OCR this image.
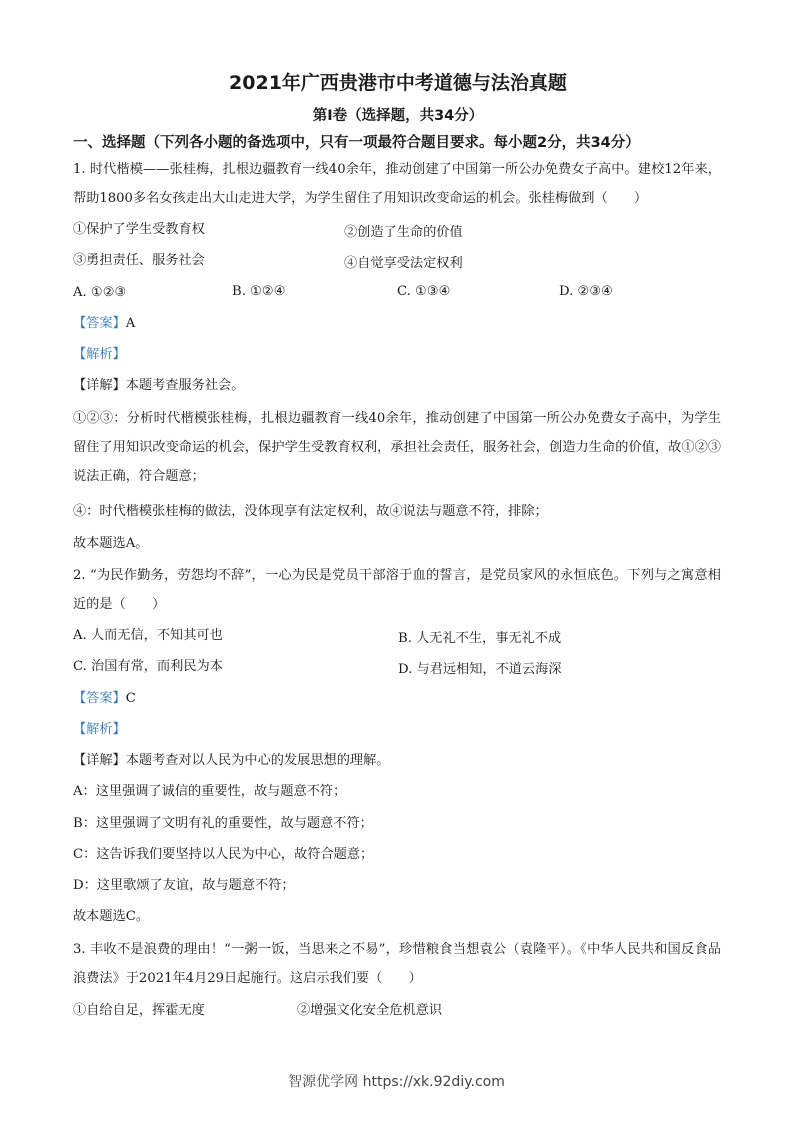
2021年广西贵港市中考道德与法治真题
第Ⅰ卷（选择题，共34分）
一、选择题（下列各小题的备选项中，只有一项最符合题目要求。每小题2分，共34分）
1. 时代楷模——张桂梅，扎根边疆教育一线40余年，推动创建了中国第一所公办免费女子高中。建校12年来，帮助1800多名女孩走出大山走进大学，为学生留住了用知识改变命运的机会。张桂梅做到（　　）
①保护了学生受教育权	②创造了生命的价值
③勇担责任、服务社会	④自觉享受法定权利
A. ①②③	B. ①②④	C. ①③④	D. ②③④
【答案】A
【解析】
【详解】本题考查服务社会。
①②③：分析时代楷模张桂梅，扎根边疆教育一线40余年，推动创建了中国第一所公办免费女子高中，为学生留住了用知识改变命运的机会，保护学生受教育权利，承担社会责任，服务社会，创造力生命的价值，故①②③说法正确，符合题意；
④：时代楷模张桂梅的做法，没体现享有法定权利，故④说法与题意不符，排除；
故本题选A。
2. “为民作勤务，劳怨均不辞”，一心为民是党员干部溶于血的誓言，是党员家风的永恒底色。下列与之寓意相近的是（　　）
A. 人而无信，不知其可也	B. 人无礼不生，事无礼不成
C. 治国有常，而利民为本	D. 与君远相知，不道云海深
【答案】C
【解析】
【详解】本题考查对以人民为中心的发展思想的理解。
A：这里强调了诚信的重要性，故与题意不符；
B：这里强调了文明有礼的重要性，故与题意不符；
C：这告诉我们要坚持以人民为中心，故符合题意；
D：这里歌颂了友谊，故与题意不符；
故本题选C。
3. 丰收不是浪费的理由！“一粥一饭，当思来之不易”，珍惜粮食当想袁公（袁隆平）。《中华人民共和国反食品浪费法》于2021年4月29日起施行。这启示我们要（　　）
①自给自足，挥霍无度	②增强文化安全危机意识
智源优学网 https://xk.92diy.com
